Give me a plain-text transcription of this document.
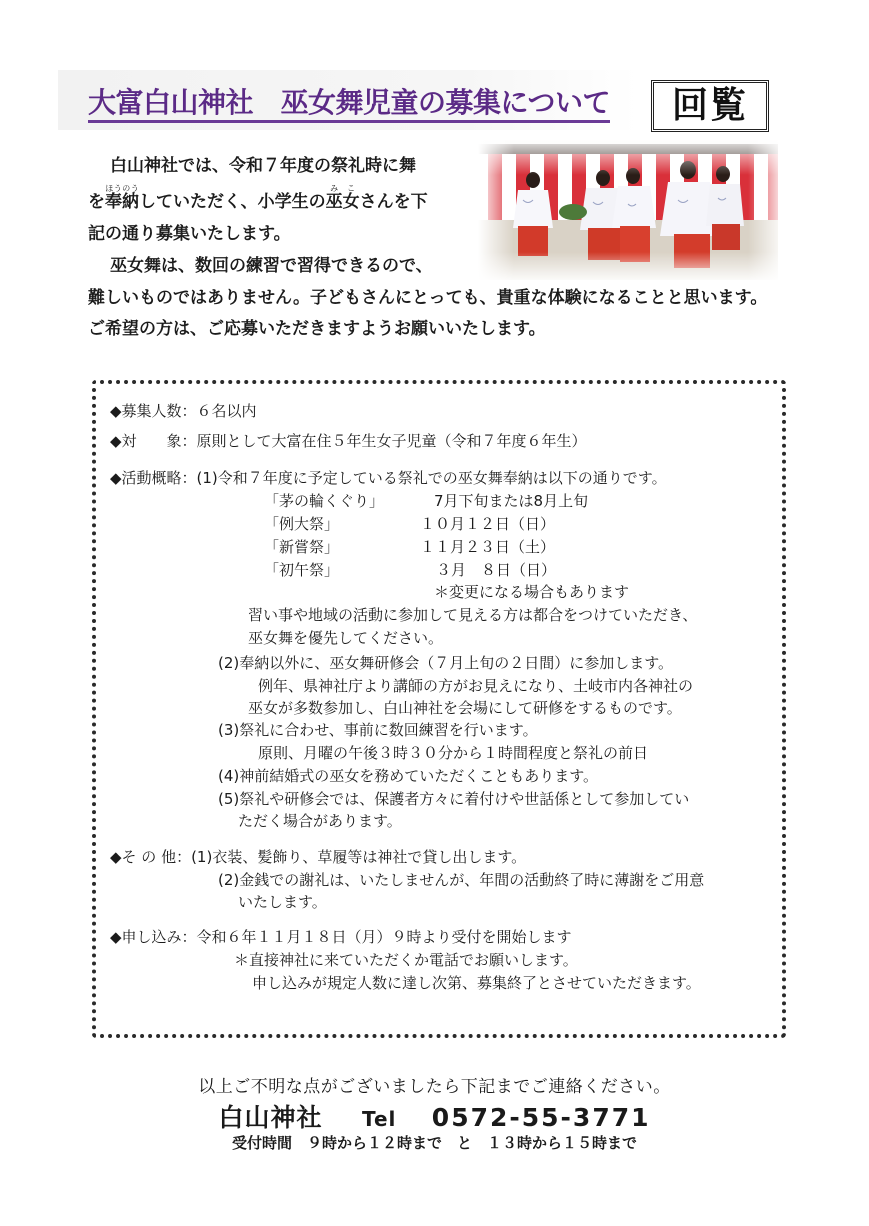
大富白山神社　巫女舞児童の募集について	回覧
白山神社では、令和７年度の祭礼時に舞
を奉納ほうのうしていただく、小学生の巫女みこさんを下
記の通り募集いたします。
巫女舞は、数回の練習で習得できるので、
難しいものではありません。子どもさんにとっても、貴重な体験になることと思います。
ご希望の方は、ご応募いただきますようお願いいたします。
◆募集人数：６名以内
◆対　　象：原則として大富在住５年生女子児童（令和７年度６年生）
◆活動概略：(1)令和７年度に予定している祭礼での巫女舞奉納は以下の通りです。
「茅の輪くぐり」	7月下旬または8月上旬
「例大祭」	１０月１２日（日）
「新嘗祭」	１１月２３日（土）
「初午祭」	３月　８日（日）
＊変更になる場合もあります
習い事や地域の活動に参加して見える方は都合をつけていただき、
巫女舞を優先してください。
(2)奉納以外に、巫女舞研修会（７月上旬の２日間）に参加します。
例年、県神社庁より講師の方がお見えになり、土岐市内各神社の
巫女が多数参加し、白山神社を会場にして研修をするものです。
(3)祭礼に合わせ、事前に数回練習を行います。
原則、月曜の午後３時３０分から１時間程度と祭礼の前日
(4)神前結婚式の巫女を務めていただくこともあります。
(5)祭礼や研修会では、保護者方々に着付けや世話係として参加してい
ただく場合があります。
◆そ の 他：(1)衣装、髪飾り、草履等は神社で貸し出します。
(2)金銭での謝礼は、いたしませんが、年間の活動終了時に薄謝をご用意
いたします。
◆申し込み：令和６年１１月１８日（月）９時より受付を開始します
＊直接神社に来ていただくか電話でお願いします。
申し込みが規定人数に達し次第、募集終了とさせていただきます。
以上ご不明な点がございましたら下記までご連絡ください。
白山神社 Tel 0572-55-3771
受付時間　９時から１２時まで　と　１３時から１５時まで
